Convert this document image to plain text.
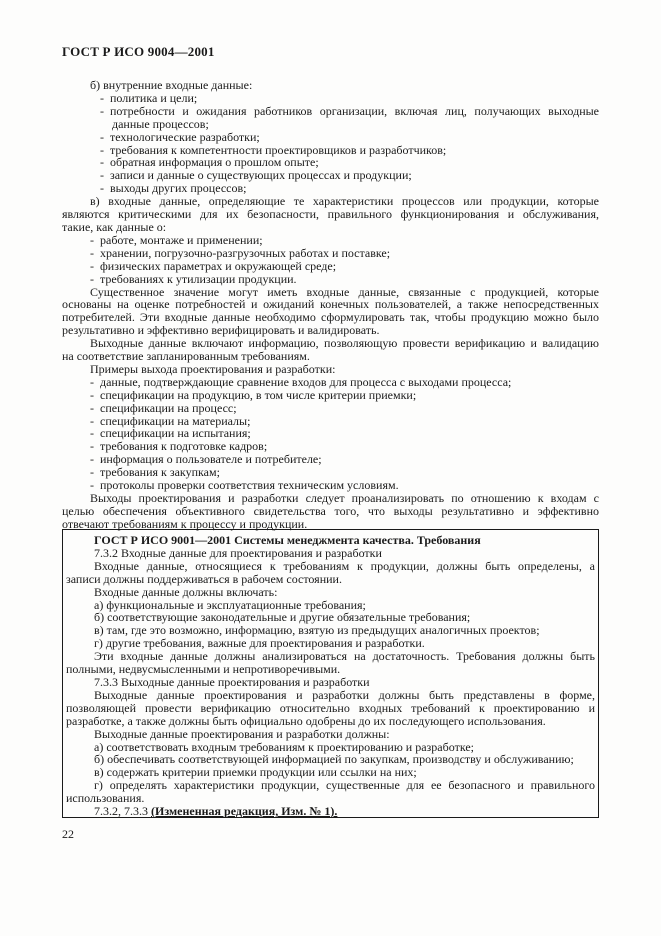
ГОСТ Р ИСО 9004—2001
б) внутренние входные данные:
- политика и цели;
- потребности и ожидания работников организации, включая лиц, получающих выходные
данные процессов;
- технологические разработки;
- требования к компетентности проектировщиков и разработчиков;
- обратная информация о прошлом опыте;
- записи и данные о существующих процессах и продукции;
- выходы других процессов;
в) входные данные, определяющие те характеристики процессов или продукции, которые
являются критическими для их безопасности, правильного функционирования и обслуживания,
такие, как данные о:
- работе, монтаже и применении;
- хранении, погрузочно-разгрузочных работах и поставке;
- физических параметрах и окружающей среде;
- требованиях к утилизации продукции.
Существенное значение могут иметь входные данные, связанные с продукцией, которые
основаны на оценке потребностей и ожиданий конечных пользователей, а также непосредственных
потребителей. Эти входные данные необходимо сформулировать так, чтобы продукцию можно было
результативно и эффективно верифицировать и валидировать.
Выходные данные включают информацию, позволяющую провести верификацию и валидацию
на соответствие запланированным требованиям.
Примеры выхода проектирования и разработки:
- данные, подтверждающие сравнение входов для процесса с выходами процесса;
- спецификации на продукцию, в том числе критерии приемки;
- спецификации на процесс;
- спецификации на материалы;
- спецификации на испытания;
- требования к подготовке кадров;
- информация о пользователе и потребителе;
- требования к закупкам;
- протоколы проверки соответствия техническим условиям.
Выходы проектирования и разработки следует проанализировать по отношению к входам с
целью обеспечения объективного свидетельства того, что выходы результативно и эффективно
отвечают требованиям к процессу и продукции.
ГОСТ Р ИСО 9001—2001 Системы менеджмента качества. Требования
7.3.2 Входные данные для проектирования и разработки
Входные данные, относящиеся к требованиям к продукции, должны быть определены, а
записи должны поддерживаться в рабочем состоянии.
Входные данные должны включать:
а) функциональные и эксплуатационные требования;
б) соответствующие законодательные и другие обязательные требования;
в) там, где это возможно, информацию, взятую из предыдущих аналогичных проектов;
г) другие требования, важные для проектирования и разработки.
Эти входные данные должны анализироваться на достаточность. Требования должны быть
полными, недвусмысленными и непротиворечивыми.
7.3.3 Выходные данные проектирования и разработки
Выходные данные проектирования и разработки должны быть представлены в форме,
позволяющей провести верификацию относительно входных требований к проектированию и
разработке, а также должны быть официально одобрены до их последующего использования.
Выходные данные проектирования и разработки должны:
а) соответствовать входным требованиям к проектированию и разработке;
б) обеспечивать соответствующей информацией по закупкам, производству и обслуживанию;
в) содержать критерии приемки продукции или ссылки на них;
г) определять характеристики продукции, существенные для ее безопасного и правильного
использования.
7.3.2, 7.3.3 (Измененная редакция, Изм. № 1).
22
